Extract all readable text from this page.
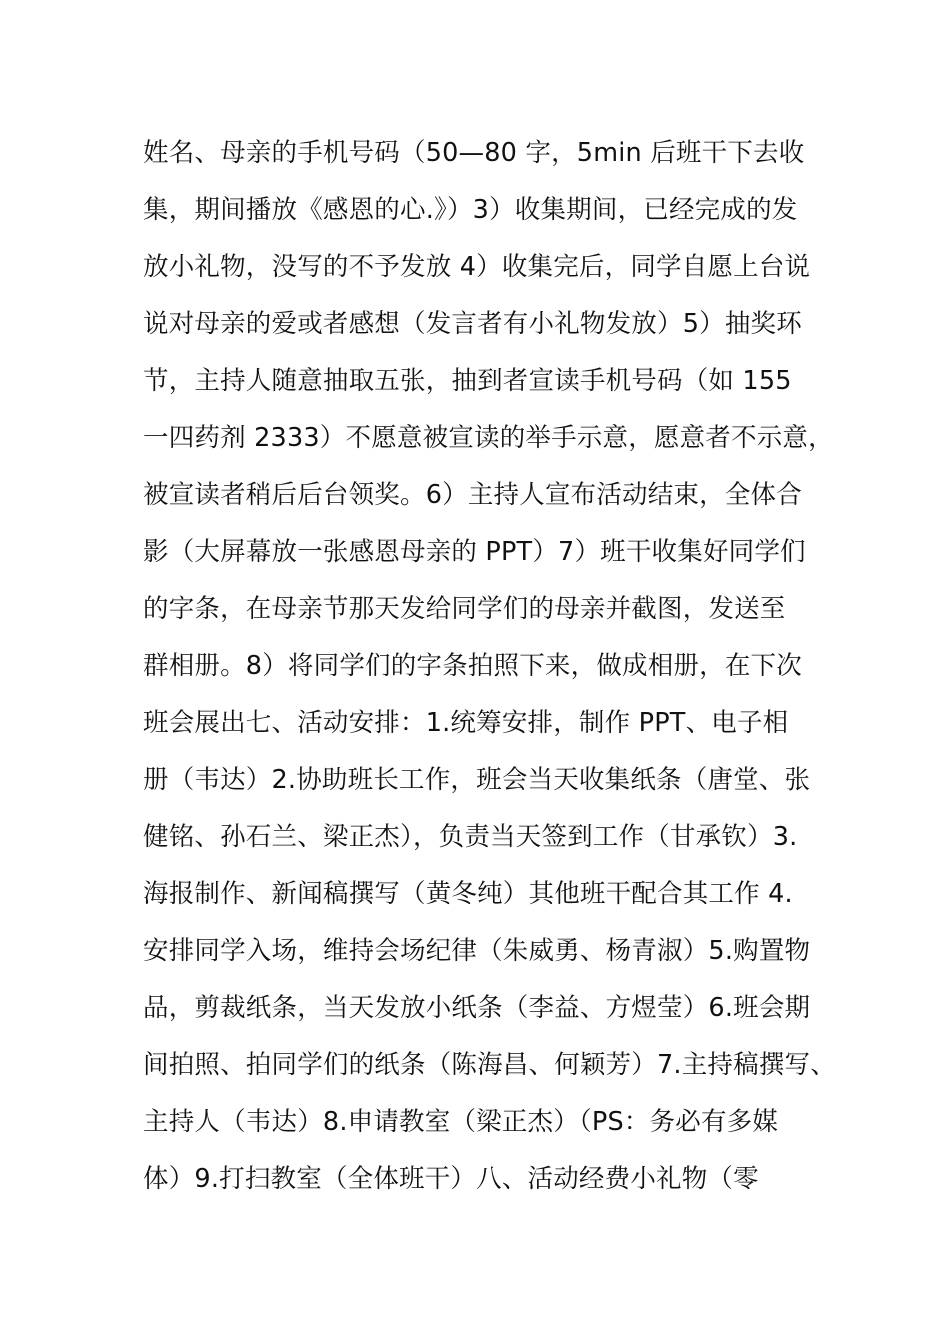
姓名、母亲的手机号码（50—80 字，5min 后班干下去收
集，期间播放《感恩的心.》）3）收集期间，已经完成的发
放小礼物，没写的不予发放 4）收集完后，同学自愿上台说
说对母亲的爱或者感想（发言者有小礼物发放）5）抽奖环
节，主持人随意抽取五张，抽到者宣读手机号码（如 155
一四药剂 2333）不愿意被宣读的举手示意，愿意者不示意，
被宣读者稍后后台领奖。6）主持人宣布活动结束，全体合
影（大屏幕放一张感恩母亲的 PPT）7）班干收集好同学们
的字条，在母亲节那天发给同学们的母亲并截图，发送至
群相册。8）将同学们的字条拍照下来，做成相册，在下次
班会展出七、活动安排：1.统筹安排，制作 PPT、电子相
册（韦达）2.协助班长工作，班会当天收集纸条（唐堂、张
健铭、孙石兰、梁正杰），负责当天签到工作（甘承钦）3.
海报制作、新闻稿撰写（黄冬纯）其他班干配合其工作 4.
安排同学入场，维持会场纪律（朱威勇、杨青淑）5.购置物
品，剪裁纸条，当天发放小纸条（李益、方煜莹）6.班会期
间拍照、拍同学们的纸条（陈海昌、何颖芳）7.主持稿撰写、
主持人（韦达）8.申请教室（梁正杰）（PS：务必有多媒
体）9.打扫教室（全体班干）八、活动经费小礼物（零
